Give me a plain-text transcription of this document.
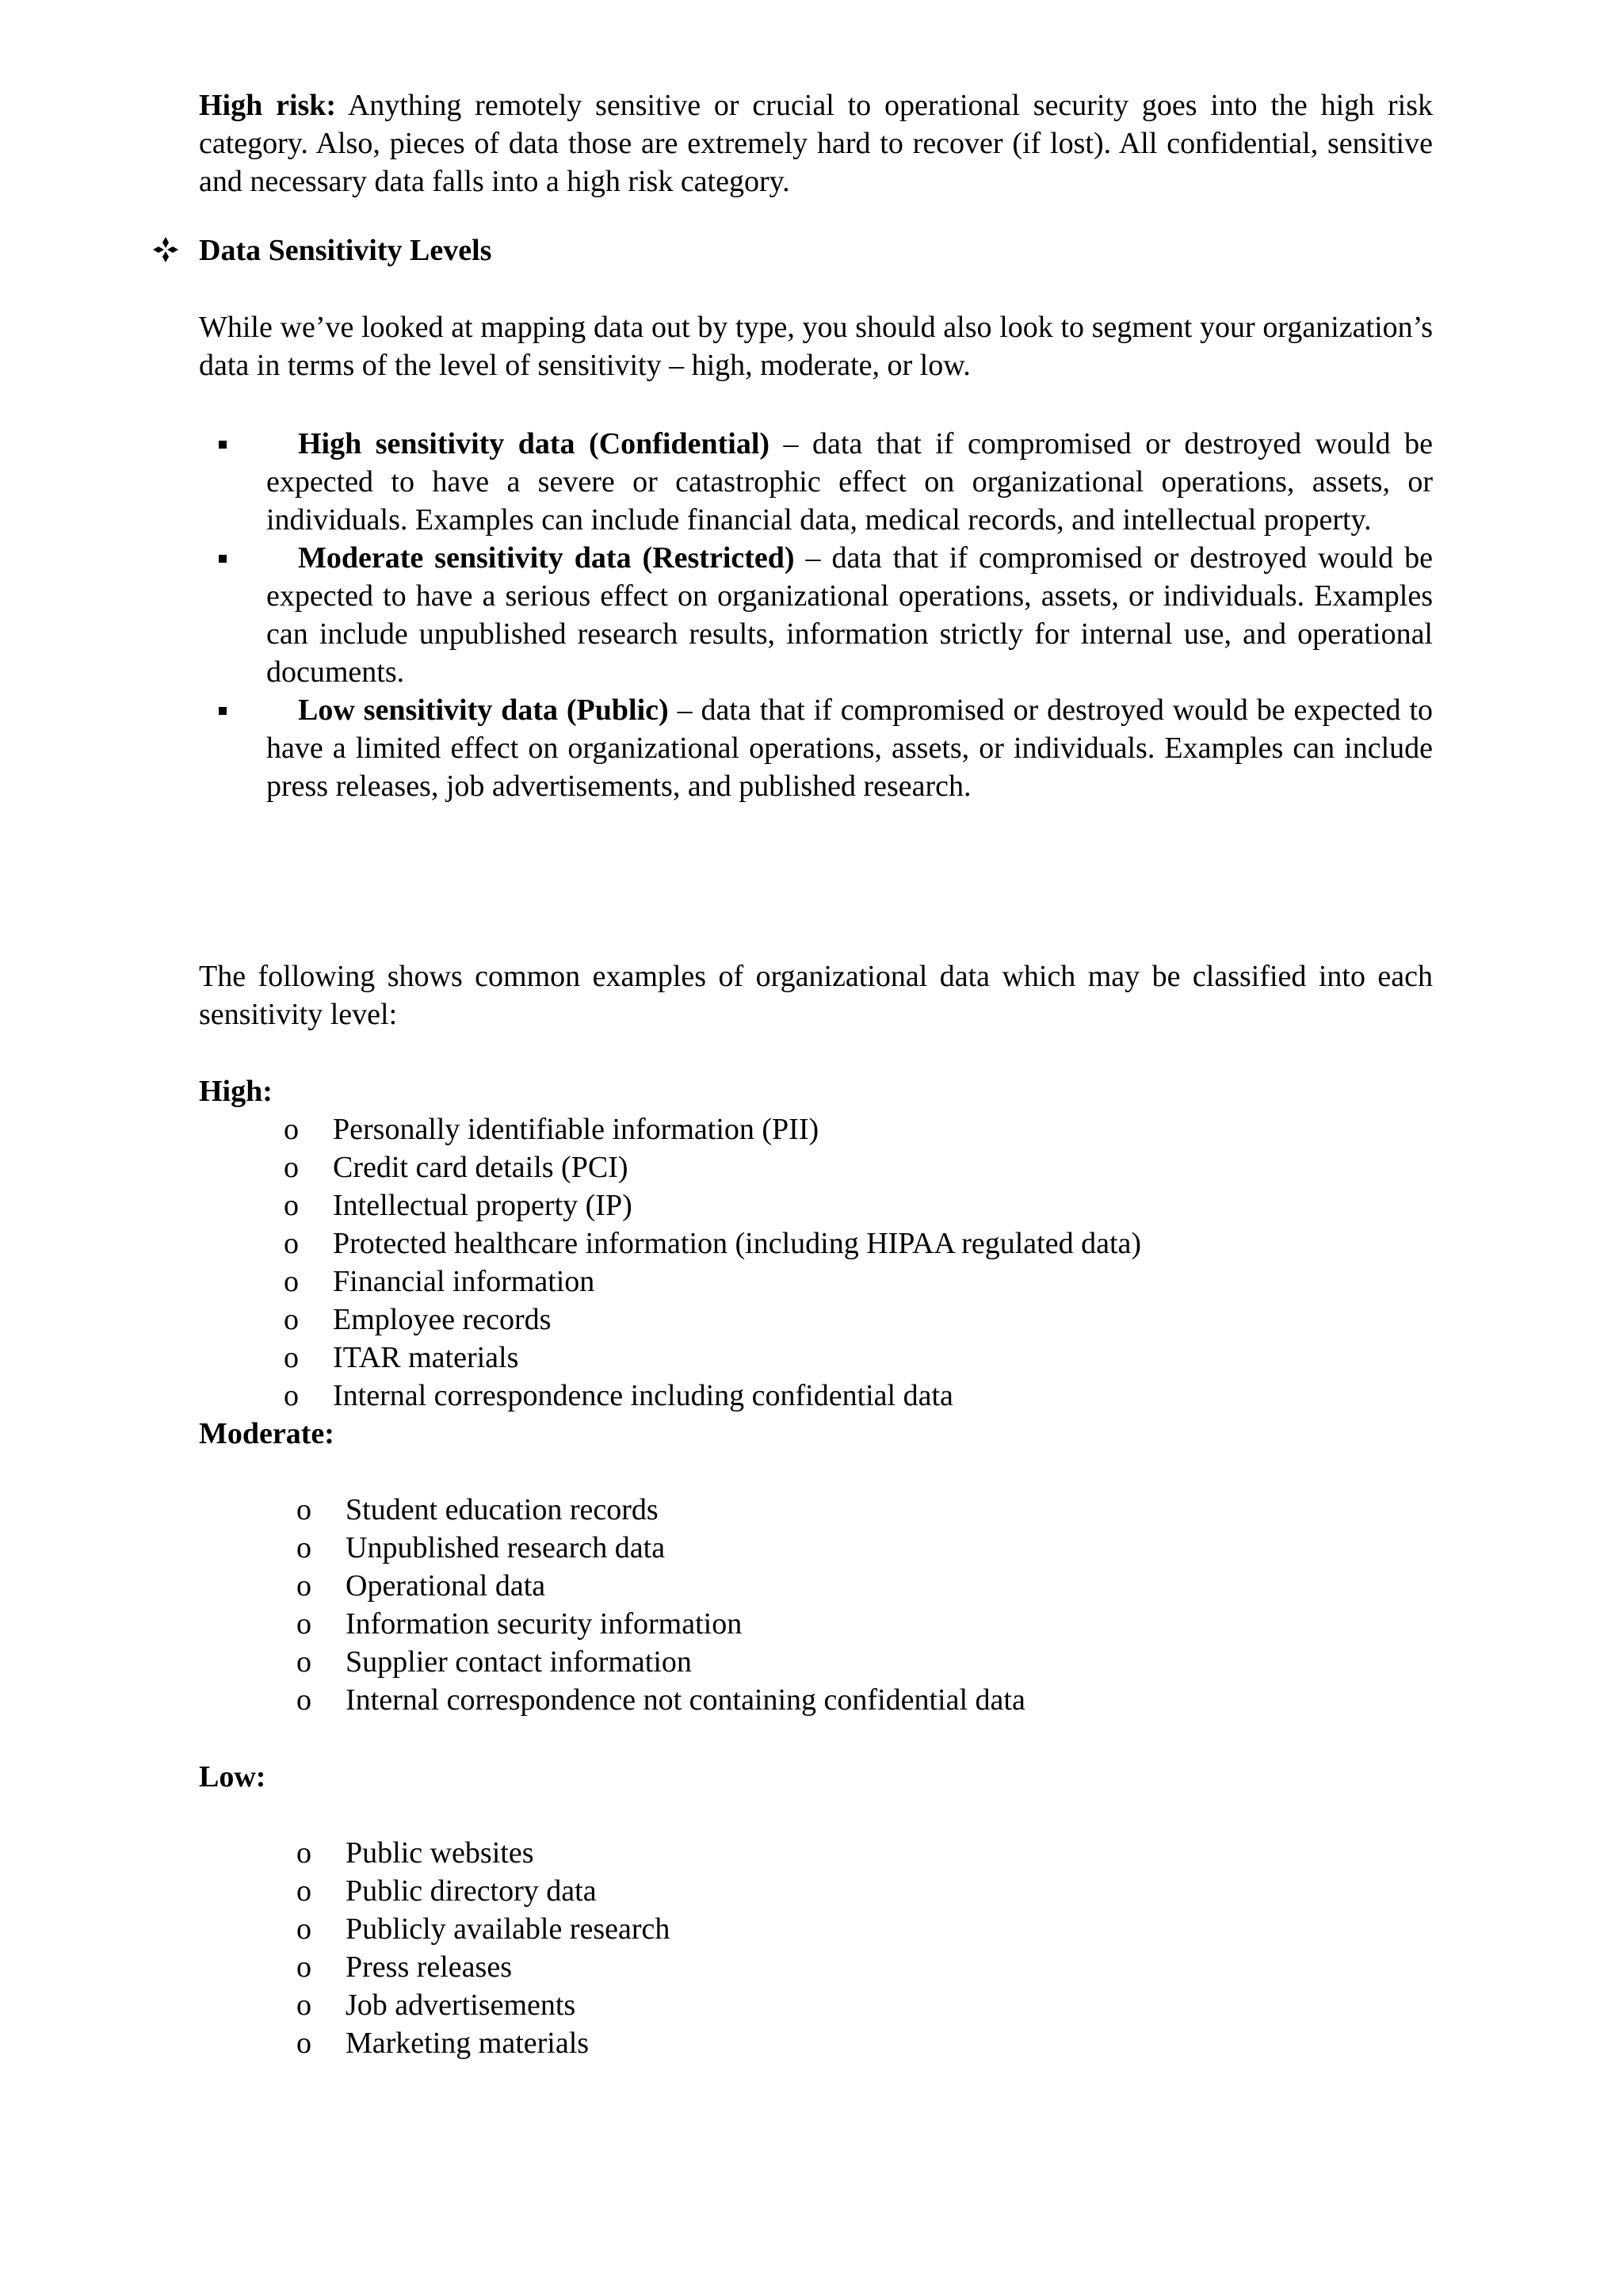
High risk: Anything remotely sensitive or crucial to operational security goes into the high risk category. Also, pieces of data those are extremely hard to recover (if lost). All confidential, sensitive and necessary data falls into a high risk category.

Data Sensitivity Levels

While we’ve looked at mapping data out by type, you should also look to segment your organization’s data in terms of the level of sensitivity – high, moderate, or low.

High sensitivity data (Confidential) – data that if compromised or destroyed would be expected to have a severe or catastrophic effect on organizational operations, assets, or individuals. Examples can include financial data, medical records, and intellectual property.
Moderate sensitivity data (Restricted) – data that if compromised or destroyed would be expected to have a serious effect on organizational operations, assets, or individuals. Examples can include unpublished research results, information strictly for internal use, and operational documents.
Low sensitivity data (Public) – data that if compromised or destroyed would be expected to have a limited effect on organizational operations, assets, or individuals. Examples can include press releases, job advertisements, and published research.

The following shows common examples of organizational data which may be classified into each sensitivity level:

High:
o Personally identifiable information (PII)
o Credit card details (PCI)
o Intellectual property (IP)
o Protected healthcare information (including HIPAA regulated data)
o Financial information
o Employee records
o ITAR materials
o Internal correspondence including confidential data
Moderate:
o Student education records
o Unpublished research data
o Operational data
o Information security information
o Supplier contact information
o Internal correspondence not containing confidential data
Low:
o Public websites
o Public directory data
o Publicly available research
o Press releases
o Job advertisements
o Marketing materials
